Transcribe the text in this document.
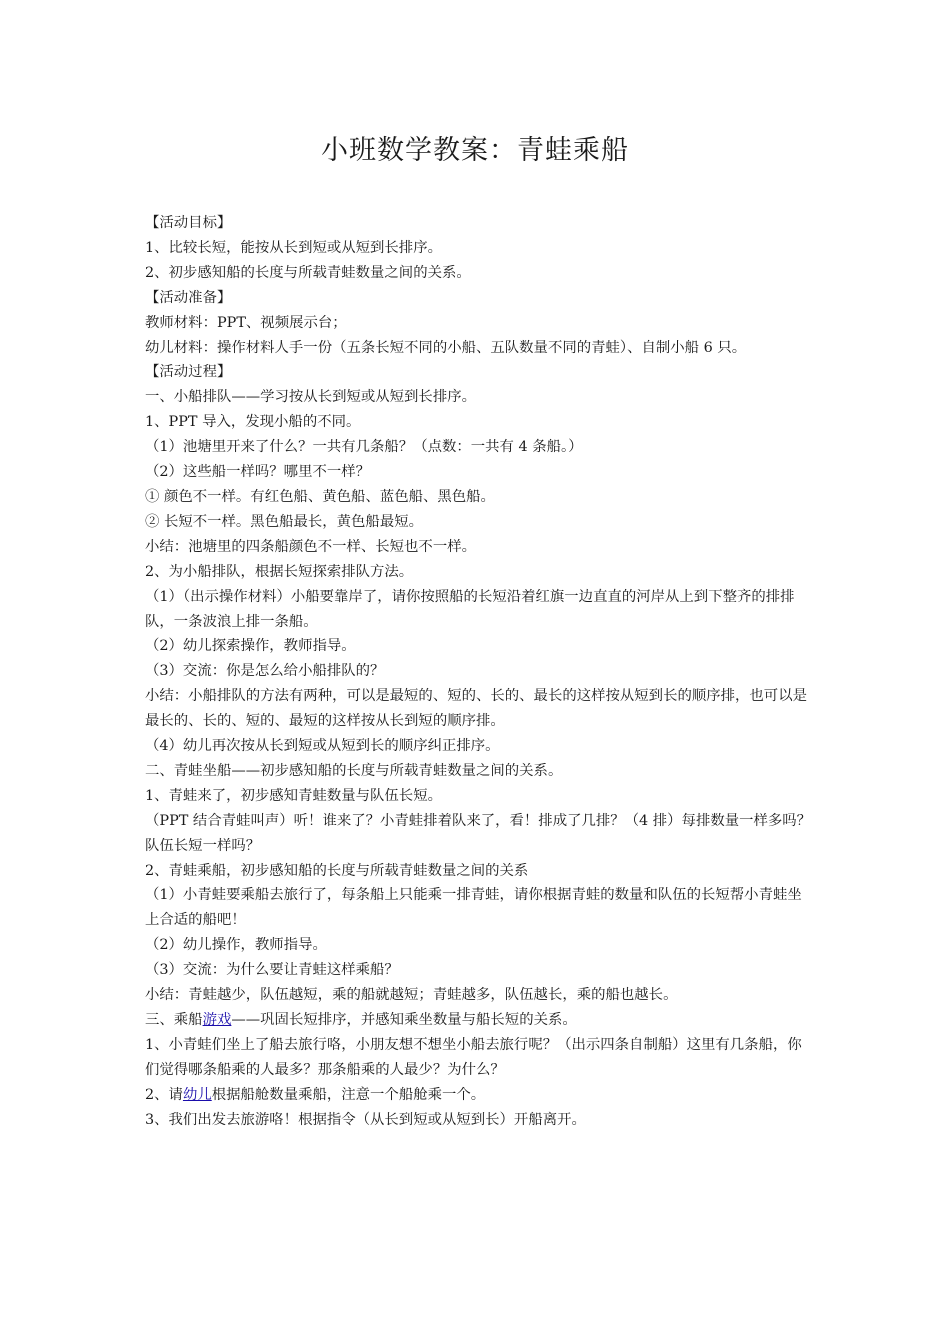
小班数学教案：青蛙乘船

【活动目标】

1、比较长短，能按从长到短或从短到长排序。

2、初步感知船的长度与所载青蛙数量之间的关系。

【活动准备】

教师材料：PPT、视频展示台；

幼儿材料：操作材料人手一份（五条长短不同的小船、五队数量不同的青蛙）、自制小船 6 只。

【活动过程】

一、小船排队——学习按从长到短或从短到长排序。

1、PPT 导入，发现小船的不同。

（1）池塘里开来了什么？一共有几条船？（点数：一共有 4 条船。）

（2）这些船一样吗？哪里不一样？

① 颜色不一样。有红色船、黄色船、蓝色船、黑色船。

② 长短不一样。黑色船最长，黄色船最短。

小结：池塘里的四条船颜色不一样、长短也不一样。

2、为小船排队，根据长短探索排队方法。

（1）（出示操作材料）小船要靠岸了，请你按照船的长短沿着红旗一边直直的河岸从上到下整齐的排排队，一条波浪上排一条船。

（2）幼儿探索操作，教师指导。

（3）交流：你是怎么给小船排队的？

小结：小船排队的方法有两种，可以是最短的、短的、长的、最长的这样按从短到长的顺序排，也可以是最长的、长的、短的、最短的这样按从长到短的顺序排。

（4）幼儿再次按从长到短或从短到长的顺序纠正排序。

二、青蛙坐船——初步感知船的长度与所载青蛙数量之间的关系。

1、青蛙来了，初步感知青蛙数量与队伍长短。

（PPT 结合青蛙叫声）听！谁来了？小青蛙排着队来了，看！排成了几排？（4 排）每排数量一样多吗？队伍长短一样吗？

2、青蛙乘船，初步感知船的长度与所载青蛙数量之间的关系

（1）小青蛙要乘船去旅行了，每条船上只能乘一排青蛙，请你根据青蛙的数量和队伍的长短帮小青蛙坐上合适的船吧！

（2）幼儿操作，教师指导。

（3）交流：为什么要让青蛙这样乘船？

小结：青蛙越少，队伍越短，乘的船就越短；青蛙越多，队伍越长，乘的船也越长。

三、乘船游戏——巩固长短排序，并感知乘坐数量与船长短的关系。

1、小青蛙们坐上了船去旅行咯，小朋友想不想坐小船去旅行呢？（出示四条自制船）这里有几条船，你们觉得哪条船乘的人最多？那条船乘的人最少？为什么？

2、请幼儿根据船舱数量乘船，注意一个船舱乘一个。

3、我们出发去旅游咯！根据指令（从长到短或从短到长）开船离开。
